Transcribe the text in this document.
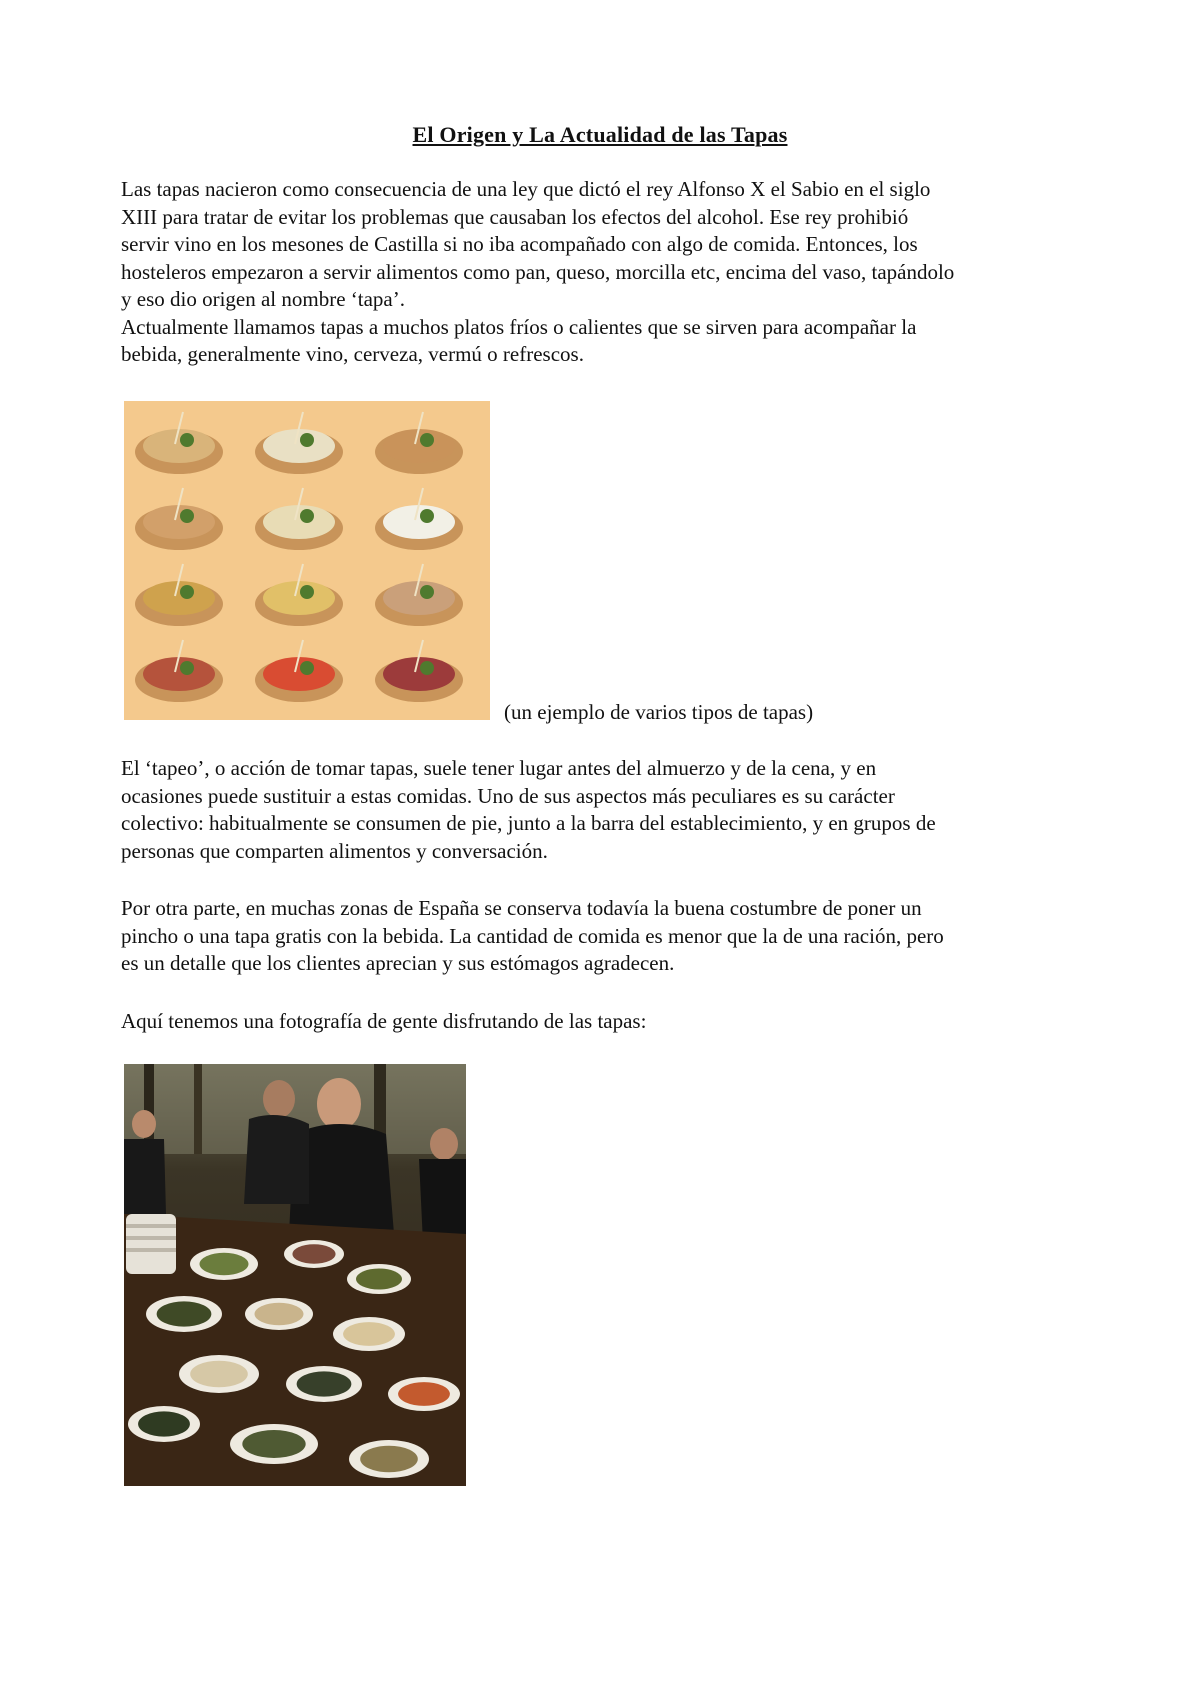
El Origen y La Actualidad de las Tapas

Las tapas nacieron como consecuencia de una ley que dictó el rey Alfonso X el Sabio en el siglo
XIII para tratar de evitar los problemas que causaban los efectos del alcohol. Ese rey prohibió
servir vino en los mesones de Castilla si no iba acompañado con algo de comida. Entonces, los
hosteleros empezaron a servir alimentos como pan, queso, morcilla etc, encima del vaso, tapándolo
y eso dio origen al nombre ‘tapa’.
Actualmente llamamos tapas a muchos platos fríos o calientes que se sirven para acompañar la
bebida, generalmente vino, cerveza, vermú o refrescos.

(un ejemplo de varios tipos de tapas)

El ‘tapeo’, o acción de tomar tapas, suele tener lugar antes del almuerzo y de la cena, y en
ocasiones puede sustituir a estas comidas. Uno de sus aspectos más peculiares es su carácter
colectivo: habitualmente se consumen de pie, junto a la barra del establecimiento, y en grupos de
personas que comparten alimentos y conversación.

Por otra parte, en muchas zonas de España se conserva todavía la buena costumbre de poner un
pincho o una tapa gratis con la bebida. La cantidad de comida es menor que la de una ración, pero
es un detalle que los clientes aprecian y sus estómagos agradecen.

Aquí tenemos una fotografía de gente disfrutando de las tapas:
